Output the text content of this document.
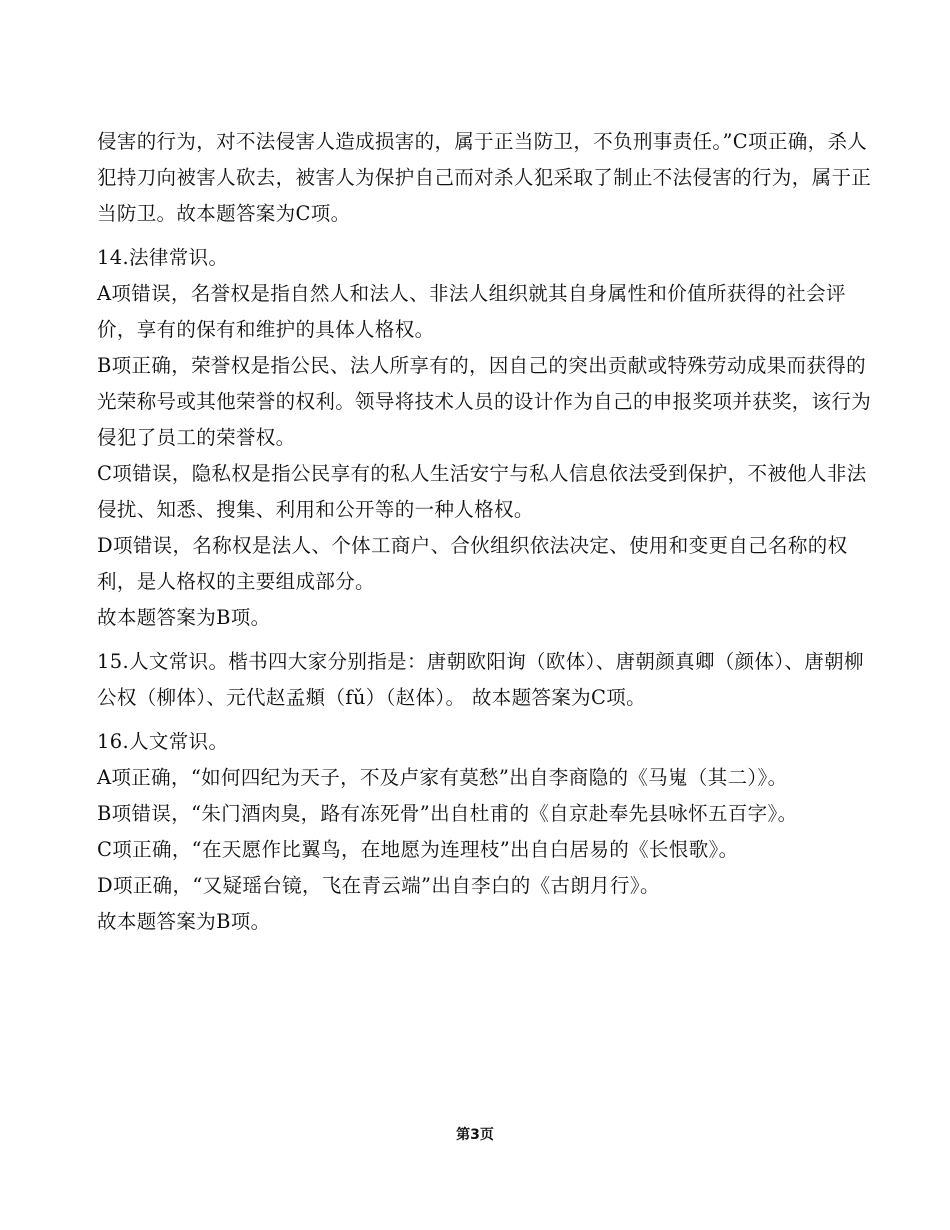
侵害的行为，对不法侵害人造成损害的，属于正当防卫，不负刑事责任。”C项正确，杀人犯持刀向被害人砍去，被害人为保护自己而对杀人犯采取了制止不法侵害的行为，属于正当防卫。故本题答案为C项。

14.法律常识。

A项错误，名誉权是指自然人和法人、非法人组织就其自身属性和价值所获得的社会评价，享有的保有和维护的具体人格权。

B项正确，荣誉权是指公民、法人所享有的，因自己的突出贡献或特殊劳动成果而获得的光荣称号或其他荣誉的权利。领导将技术人员的设计作为自己的申报奖项并获奖，该行为侵犯了员工的荣誉权。

C项错误，隐私权是指公民享有的私人生活安宁与私人信息依法受到保护，不被他人非法侵扰、知悉、搜集、利用和公开等的一种人格权。

D项错误，名称权是法人、个体工商户、合伙组织依法决定、使用和变更自己名称的权利，是人格权的主要组成部分。

故本题答案为B项。

15.人文常识。楷书四大家分别指是：唐朝欧阳询（欧体）、唐朝颜真卿（颜体）、唐朝柳公权（柳体）、元代赵孟頫（fǔ）（赵体）。 故本题答案为C项。

16.人文常识。

A项正确，“如何四纪为天子，不及卢家有莫愁”出自李商隐的《马嵬（其二）》。

B项错误，“朱门酒肉臭，路有冻死骨”出自杜甫的《自京赴奉先县咏怀五百字》。

C项正确，“在天愿作比翼鸟，在地愿为连理枝”出自白居易的《长恨歌》。

D项正确，“又疑瑶台镜，飞在青云端”出自李白的《古朗月行》。

故本题答案为B项。

第3页
